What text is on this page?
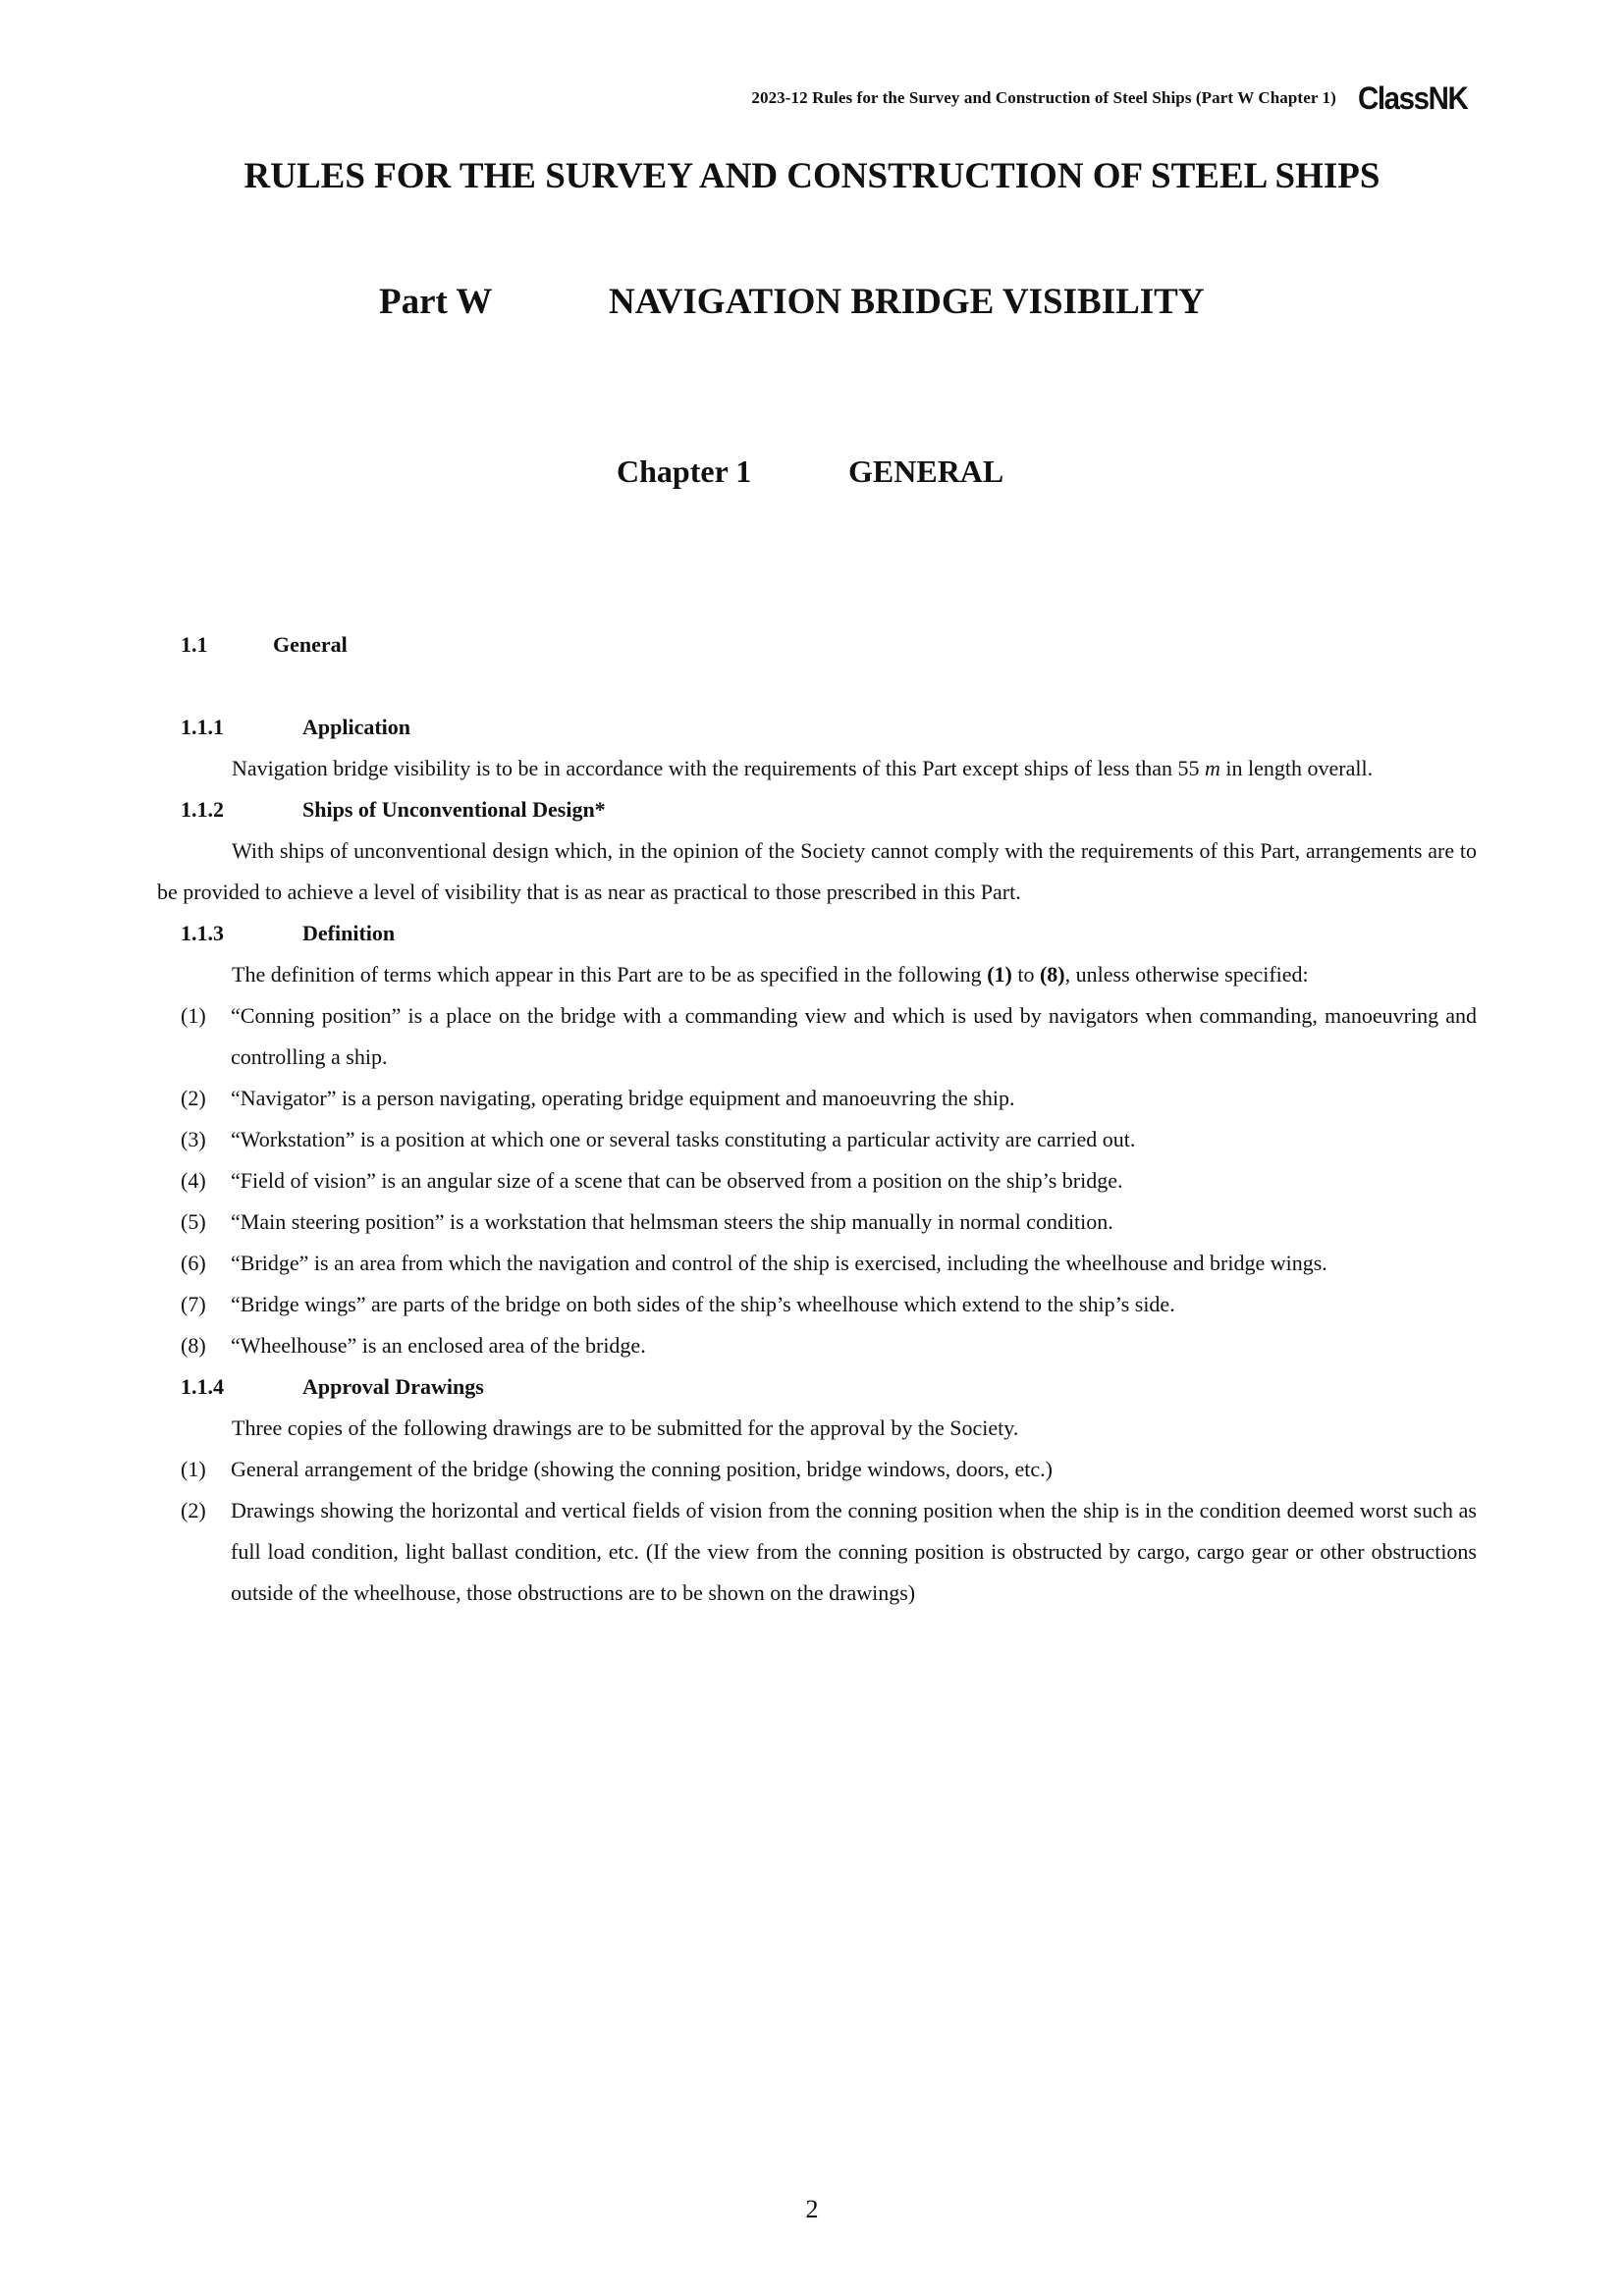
2023-12 Rules for the Survey and Construction of Steel Ships (Part W Chapter 1) ClassNK
RULES FOR THE SURVEY AND CONSTRUCTION OF STEEL SHIPS
Part W	NAVIGATION BRIDGE VISIBILITY
Chapter 1	GENERAL
1.1	General
1.1.1	Application
Navigation bridge visibility is to be in accordance with the requirements of this Part except ships of less than 55 m in length overall.
1.1.2	Ships of Unconventional Design*
With ships of unconventional design which, in the opinion of the Society cannot comply with the requirements of this Part, arrangements are to be provided to achieve a level of visibility that is as near as practical to those prescribed in this Part.
1.1.3	Definition
The definition of terms which appear in this Part are to be as specified in the following (1) to (8), unless otherwise specified:
(1)	“Conning position” is a place on the bridge with a commanding view and which is used by navigators when commanding, manoeuvring and controlling a ship.
(2)	“Navigator” is a person navigating, operating bridge equipment and manoeuvring the ship.
(3)	“Workstation” is a position at which one or several tasks constituting a particular activity are carried out.
(4)	“Field of vision” is an angular size of a scene that can be observed from a position on the ship’s bridge.
(5)	“Main steering position” is a workstation that helmsman steers the ship manually in normal condition.
(6)	“Bridge” is an area from which the navigation and control of the ship is exercised, including the wheelhouse and bridge wings.
(7)	“Bridge wings” are parts of the bridge on both sides of the ship’s wheelhouse which extend to the ship’s side.
(8)	“Wheelhouse” is an enclosed area of the bridge.
1.1.4	Approval Drawings
Three copies of the following drawings are to be submitted for the approval by the Society.
(1)	General arrangement of the bridge (showing the conning position, bridge windows, doors, etc.)
(2)	Drawings showing the horizontal and vertical fields of vision from the conning position when the ship is in the condition deemed worst such as full load condition, light ballast condition, etc. (If the view from the conning position is obstructed by cargo, cargo gear or other obstructions outside of the wheelhouse, those obstructions are to be shown on the drawings)
2
